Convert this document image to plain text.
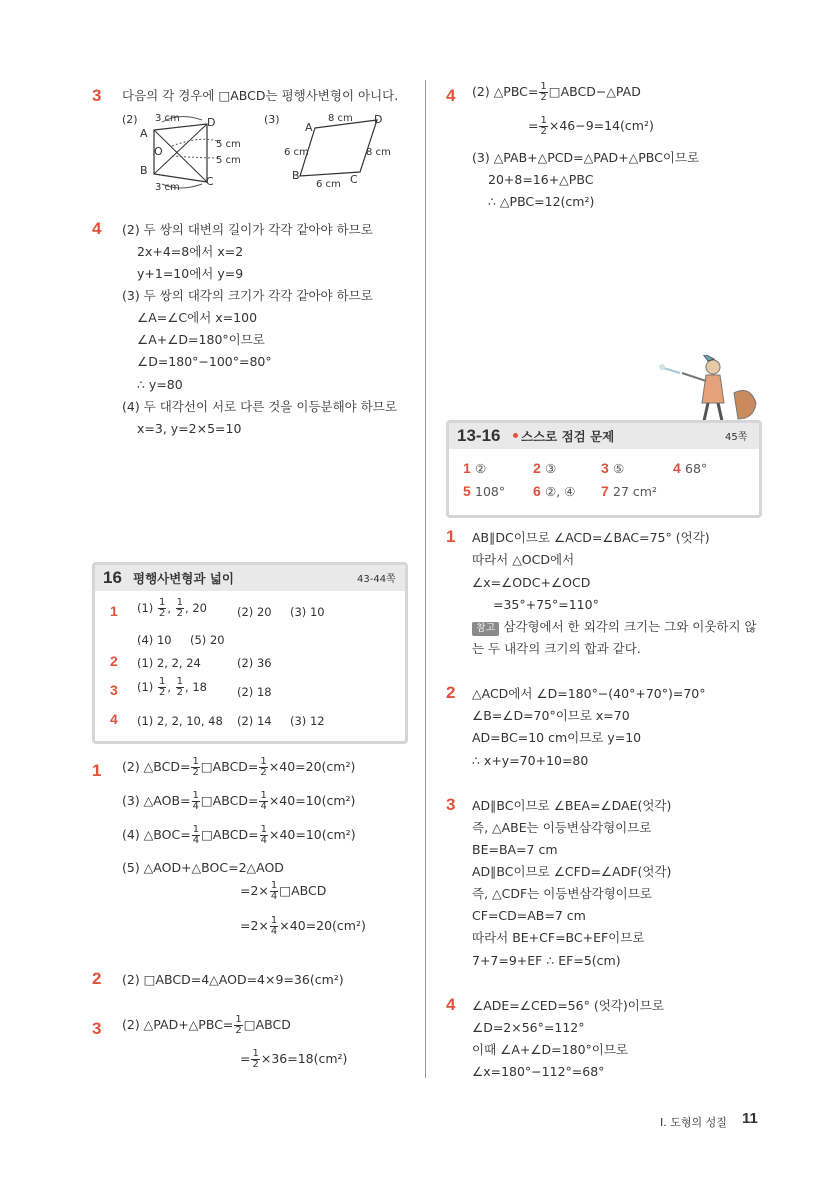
3 다음의 각 경우에 □ABCD는 평행사변형이 아니다.
(2) 3 cm
3 cm
5 cm
5 cm
A
B
C
D
O
(3)	8 cm
6 cm	8 cm
6 cm
A
B	C
D
4 (2) 두 쌍의 대변의 길이가 각각 같아야 하므로
2x+4=8에서 x=2
y+1=10에서 y=9
(3) 두 쌍의 대각의 크기가 각각 같아야 하므로
∠A=∠C에서 x=100
∠A+∠D=180°이므로
∠D=180°−100°=80°
∴ y=80
(4) 두 대각선이 서로 다른 것을 이등분해야 하므로
x=3, y=2×5=10
16 평행사변형과 넓이	43-44쪽
1 $(1) \frac{1}{2}$ , $\frac{1}{2}$ , 20	(2) 20 (3) 10
(4) 10 (5) 20
2 (1) 2, 2, 24	(2) 36
3 $(1) \frac{1}{2}$ , $\frac{1}{2}$ , 18	(2) 18
4 (1) 2, 2, 10, 48 (2) 14 (3) 12
1 (2) △BCD= $\frac{1}{2}$ □ABCD= $\frac{1}{2} \times 40=20(cm^2)$
(3) △AOB= $\frac{1}{4}$ □ABCD= $\frac{1}{4} \times 40=10(cm^2)$
(4) △BOC= $\frac{1}{4}$ □ABCD= $\frac{1}{4} \times 40=10(cm^2)$
(5) △AOD+△BOC=2△AOD
$=2\times \frac{1}{4}$ □ABCD
$=2\times \frac{1}{4} \times 40=20(cm^2)$
2 (2) □ABCD=4△AOD=4×9=36(cm²)
3 (2) △PAD+△PBC= $\frac{1}{2}$ □ABCD
= $\frac{1}{2} \times 36=18(cm^2)$
4 (2) △PBC= $\frac{1}{2}$ □ABCD−△PAD
= $\frac{1}{2} \times 46-9=14(cm^2)$
(3) △PAB+△PCD=△PAD+△PBC이므로
20+8=16+△PBC
∴ △PBC=12(cm²)
13-16 스스로 점검 문제	45쪽
1 ②	2 ③	3 ⑤	4 68°
5 108° 6 ②, ④ 7 27 cm²
1 AB∥DC이므로 ∠ACD=∠BAC=75° (엇각)
따라서 △OCD에서
∠x=∠ODC+∠OCD
=35°+75°=110°
참고 삼각형에서 한 외각의 크기는 그와 이웃하지 않
는 두 내각의 크기의 합과 같다.
2 △ACD에서 ∠D=180°−(40°+70°)=70°
∠B=∠D=70°이므로 x=70
AD=BC=10 cm이므로 y=10
∴ x+y=70+10=80
3 AD∥BC이므로 ∠BEA=∠DAE(엇각)
즉, △ABE는 이등변삼각형이므로
BE=BA=7 cm
AD∥BC이므로 ∠CFD=∠ADF(엇각)
즉, △CDF는 이등변삼각형이므로
CF=CD=AB=7 cm
따라서 BE+CF=BC+EF이므로
7+7=9+EF ∴ EF=5(cm)
4 ∠ADE=∠CED=56° (엇각)이므로
∠D=2×56°=112°
이때 ∠A+∠D=180°이므로
∠x=180°−112°=68°
I. 도형의 성질 11
